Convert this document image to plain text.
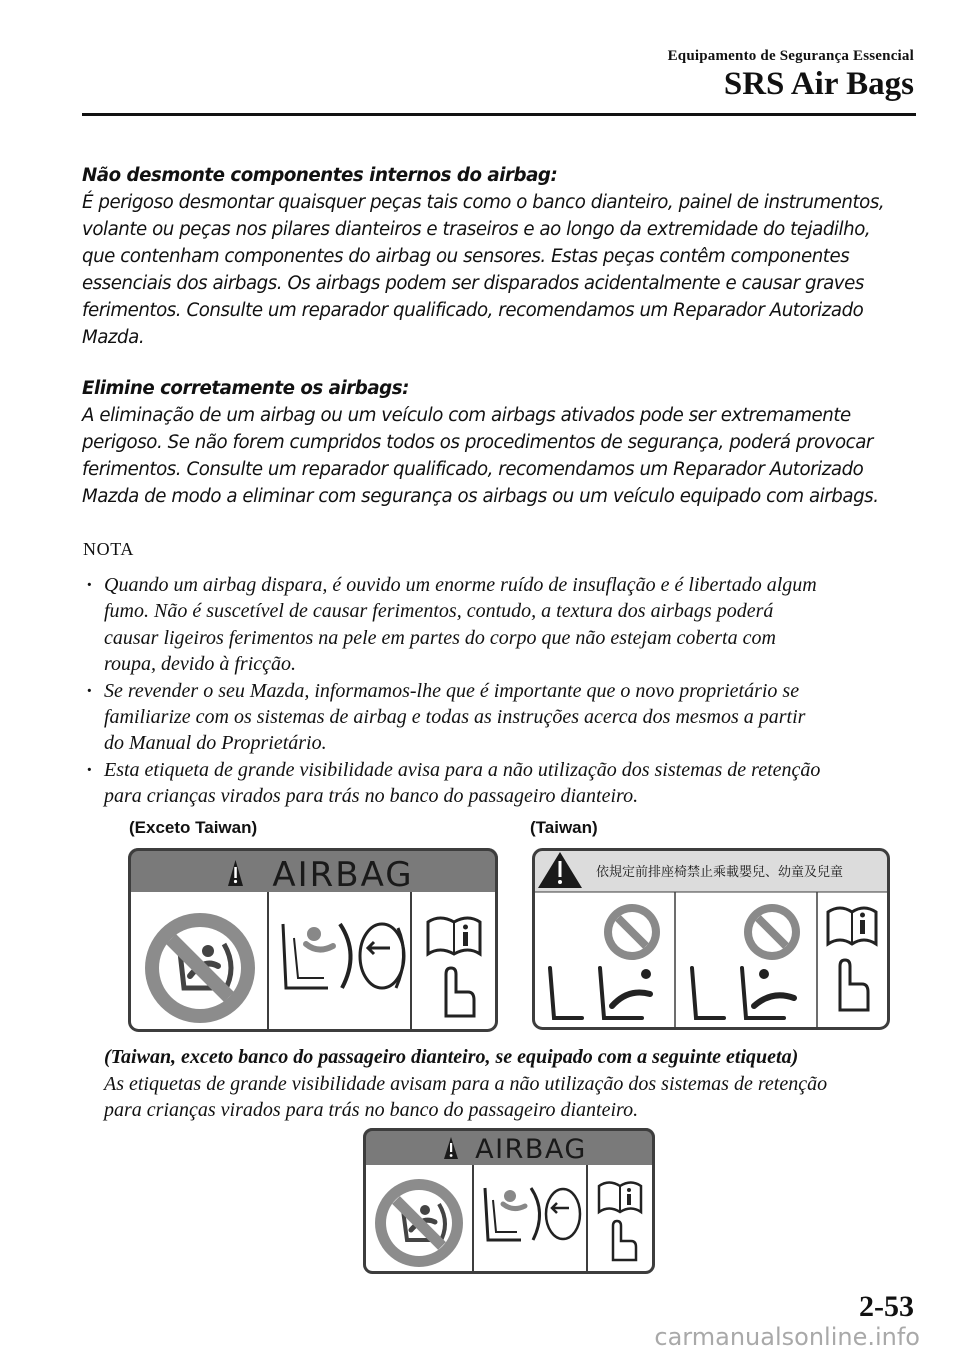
Equipamento de Segurança Essencial
SRS Air Bags

Não desmonte componentes internos do airbag:

É perigoso desmontar quaisquer peças tais como o banco dianteiro, painel de instrumentos,

volante ou peças nos pilares dianteiros e traseiros e ao longo da extremidade do tejadilho,

que contenham componentes do airbag ou sensores. Estas peças contêm componentes

essenciais dos airbags. Os airbags podem ser disparados acidentalmente e causar graves

ferimentos. Consulte um reparador qualificado, recomendamos um Reparador Autorizado

Mazda.

Elimine corretamente os airbags:

A eliminação de um airbag ou um veículo com airbags ativados pode ser extremamente

perigoso. Se não forem cumpridos todos os procedimentos de segurança, poderá provocar

ferimentos. Consulte um reparador qualificado, recomendamos um Reparador Autorizado

Mazda de modo a eliminar com segurança os airbags ou um veículo equipado com airbags.

NOTA
· Quando um airbag dispara, é ouvido um enorme ruído de insuflação e é libertado algum
fumo. Não é suscetível de causar ferimentos, contudo, a textura dos airbags poderá
causar ligeiros ferimentos na pele em partes do corpo que não estejam coberta com
roupa, devido à fricção.
· Se revender o seu Mazda, informamos-lhe que é importante que o novo proprietário se
familiarize com os sistemas de airbag e todas as instruções acerca dos mesmos a partir
do Manual do Proprietário.
· Esta etiqueta de grande visibilidade avisa para a não utilização dos sistemas de retenção
para crianças virados para trás no banco do passageiro dianteiro.
(Exceto Taiwan)	(Taiwan)
AIRBAG	依規定前排座椅禁止乘載嬰兒、幼童及兒童

(Taiwan, exceto banco do passageiro dianteiro, se equipado com a seguinte etiqueta)

As etiquetas de grande visibilidade avisam para a não utilização dos sistemas de retenção

para crianças virados para trás no banco do passageiro dianteiro.

AIRBAG
2-53
carmanualsonline.info
